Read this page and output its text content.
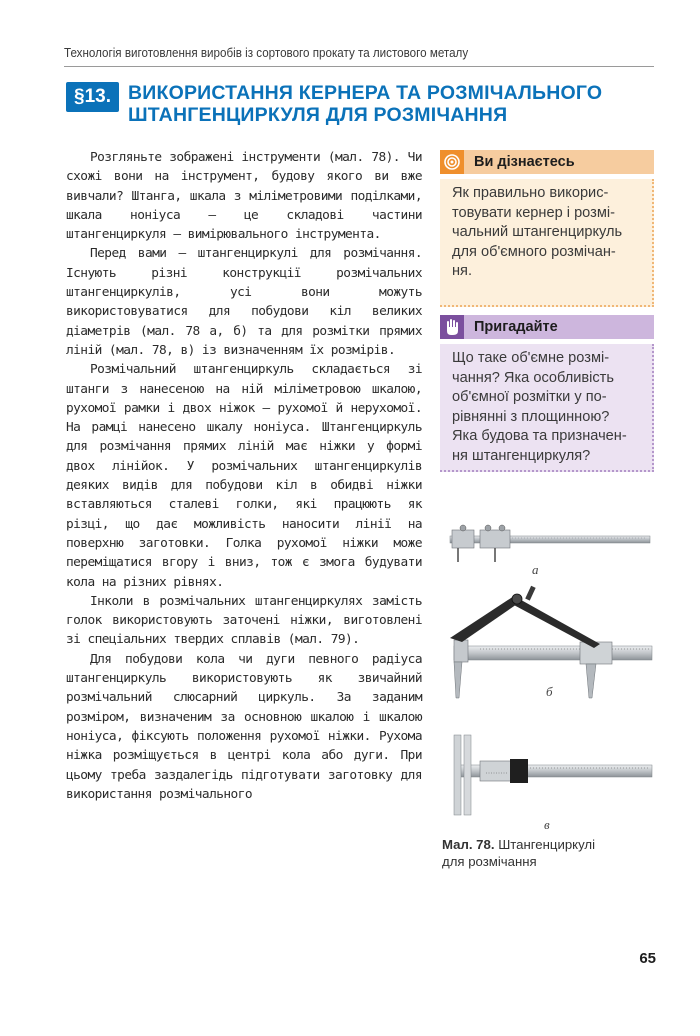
Технологія виготовлення виробів із сортового прокату та листового металу
§13. ВИКОРИСТАННЯ КЕРНЕРА ТА РОЗМІЧАЛЬНОГО
ШТАНГЕНЦИРКУЛЯ ДЛЯ РОЗМІЧАННЯ

Розгляньте зображені інструменти (мал. 78). Чи схожі вони на інструмент, будову якого ви вже вивчали? Штанга, шкала з міліметровими поділками, шкала ноніуса — це складові частини штангенциркуля — вимірювального інструмента.

Перед вами — штангенциркулі для розмічання. Існують різні конструкції розмічальних штангенциркулів, усі вони можуть використовуватися для побудови кіл великих діаметрів (мал. 78 а, б) та для розмітки прямих ліній (мал. 78, в) із визначенням їх розмірів.

Розмічальний штангенциркуль складається зі штанги з нанесеною на ній міліметровою шкалою, рухомої рамки і двох ніжок — рухомої й нерухомої. На рамці нанесено шкалу ноніуса. Штангенциркуль для розмічання прямих ліній має ніжки у формі двох лінійок. У розмічальних штангенциркулів деяких видів для побудови кіл в обидві ніжки вставляються сталеві голки, які працюють як різці, що дає можливість наносити лінії на поверхню заготовки. Голка рухомої ніжки може переміщатися вгору і вниз, тож є змога будувати кола на різних рівнях.

Інколи в розмічальних штангенциркулях замість голок використовують заточені ніжки, виготовлені зі спеціальних твердих сплавів (мал. 79).

Для побудови кола чи дуги певного радіуса штангенциркуль використовують як звичайний розмічальний слюсарний циркуль. За заданим розміром, визначеним за основною шкалою і шкалою ноніуса, фіксують положення рухомої ніжки. Рухома ніжка розміщується в центрі кола або дуги. При цьому треба заздалегідь підготувати заготовку для використання розмічального

Ви дізнаєтесь
Як правильно викорис-
товувати кернер і розмі-
чальний штангенциркуль
для об'ємного розмічан-
ня.
Пригадайте
Що таке об'ємне розмі-
чання? Яка особливість
об'ємної розмітки у по-
рівнянні з площинною?
Яка будова та призначен-
ня штангенциркуля?
а
б
в
Мал. 78. Штангенциркулі
для розмічання
65
